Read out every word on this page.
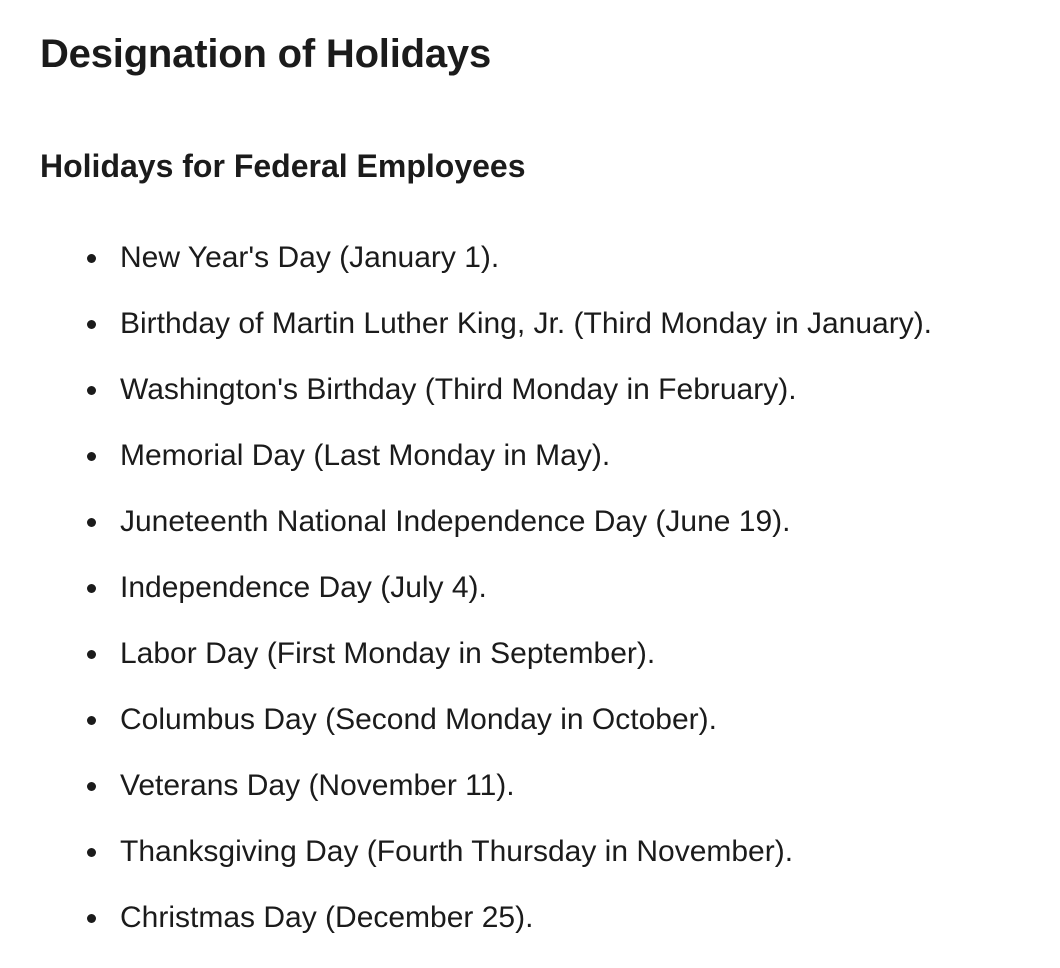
Designation of Holidays
Holidays for Federal Employees
New Year's Day (January 1).
Birthday of Martin Luther King, Jr. (Third Monday in January).
Washington's Birthday (Third Monday in February).
Memorial Day (Last Monday in May).
Juneteenth National Independence Day (June 19).
Independence Day (July 4).
Labor Day (First Monday in September).
Columbus Day (Second Monday in October).
Veterans Day (November 11).
Thanksgiving Day (Fourth Thursday in November).
Christmas Day (December 25).
